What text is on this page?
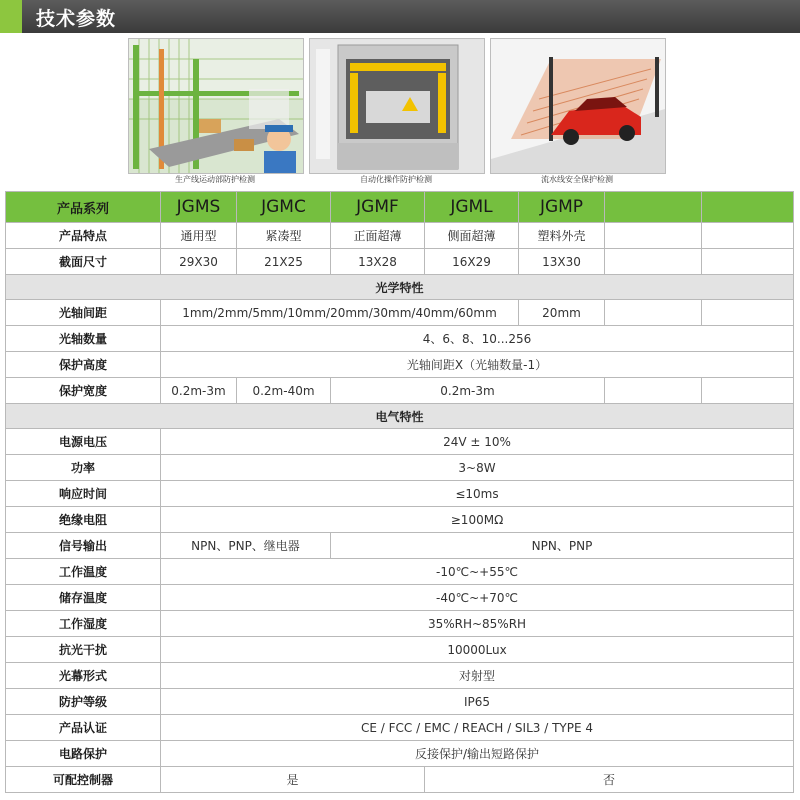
技术参数
生产线运动部防护检测	自动化操作防护检测	流水线安全保护检测
产品系列	JGMS	JGMC	JGMF	JGML	JGMP		
产品特点	通用型	紧凑型	正面超薄	侧面超薄	塑料外壳		
截面尺寸	29X30	21X25	13X28	16X29	13X30		
光学特性							
光轴间距	1mm/2mm/5mm/10mm/20mm/30mm/40mm/60mm				20mm		
光轴数量	4、6、8、10...256						
保护高度	光轴间距X（光轴数量-1）						
保护宽度	0.2m-3m	0.2m-40m	0.2m-3m				
电气特性							
电源电压	24V ± 10%						
功率	3~8W						
响应时间	≤10ms						
绝缘电阻	≥100MΩ						
信号输出	NPN、PNP、继电器		NPN、PNP				
工作温度	-10℃~+55℃						
储存温度	-40℃~+70℃						
工作湿度	35%RH~85%RH						
抗光干扰	10000Lux						
光幕形式	对射型						
防护等级	IP65						
产品认证	CE / FCC / EMC / REACH / SIL3 / TYPE 4						
电路保护	反接保护/输出短路保护						
可配控制器	是			否			
